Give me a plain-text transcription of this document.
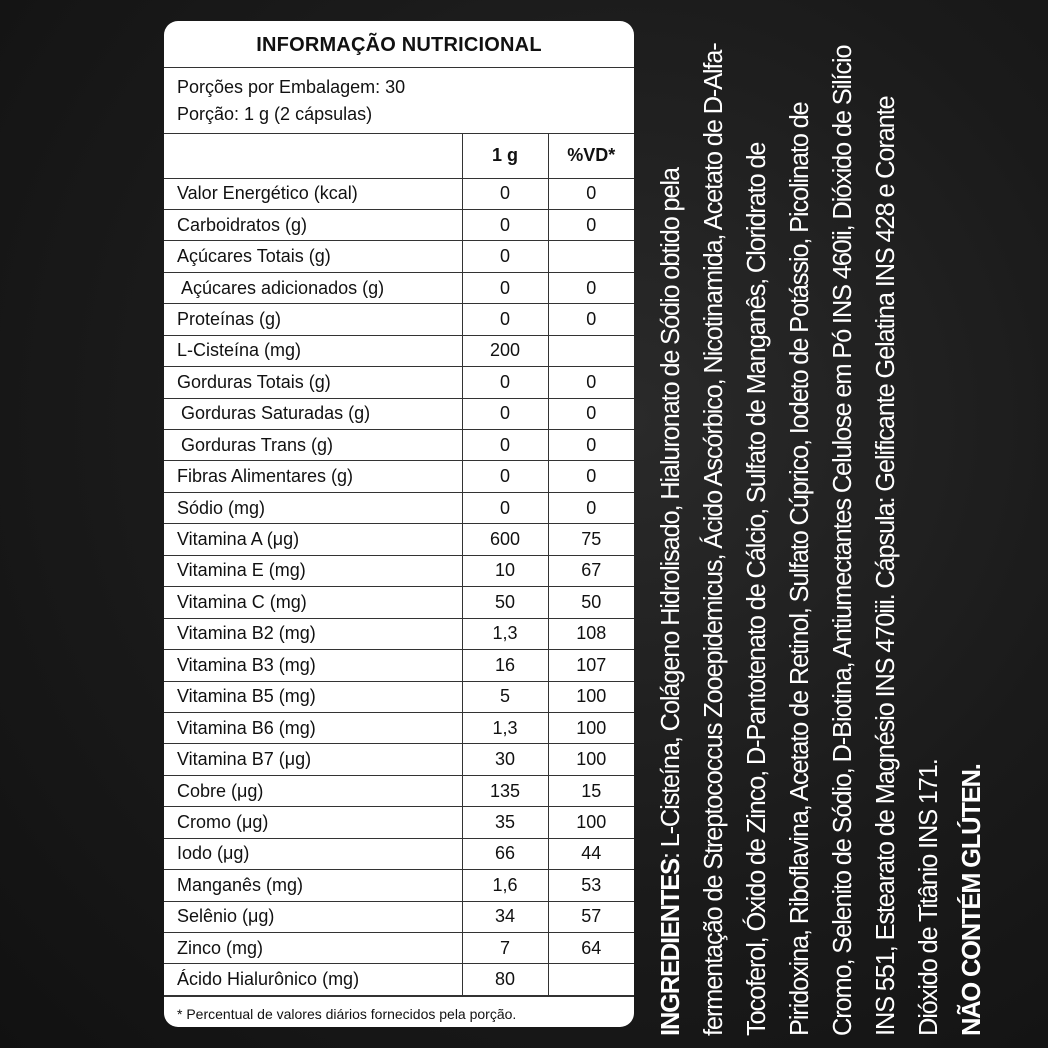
INFORMAÇÃO NUTRICIONAL
Porções por Embalagem: 30
Porção: 1 g (2 cápsulas)
	1 g	%VD*
Valor Energético (kcal)	0	0
Carboidratos (g)	0	0
Açúcares Totais (g)	0	
Açúcares adicionados (g)	0	0
Proteínas (g)	0	0
L-Cisteína (mg)	200	
Gorduras Totais (g)	0	0
Gorduras Saturadas (g)	0	0
Gorduras Trans (g)	0	0
Fibras Alimentares (g)	0	0
Sódio (mg)	0	0
Vitamina A (μg)	600	75
Vitamina E (mg)	10	67
Vitamina C (mg)	50	50
Vitamina B2 (mg)	1,3	108
Vitamina B3 (mg)	16	107
Vitamina B5 (mg)	5	100
Vitamina B6 (mg)	1,3	100
Vitamina B7 (μg)	30	100
Cobre (μg)	135	15
Cromo (μg)	35	100
Iodo (μg)	66	44
Manganês (mg)	1,6	53
Selênio (μg)	34	57
Zinco (mg)	7	64
Ácido Hialurônico (mg)	80	
* Percentual de valores diários fornecidos pela porção.	INGREDIENTES: L-Cisteína, Colágeno Hidrolisado, Hialuronato de Sódio obtido pela fermentação de Streptococcus Zooepidemicus, Ácido Ascórbico, Nicotinamida, Acetato de D-Alfa-Tocoferol, Óxido de Zinco, D-Pantotenato de Cálcio, Sulfato de Manganês, Cloridrato de Piridoxina, Riboflavina, Acetato de Retinol, Sulfato Cúprico, Iodeto de Potássio, Picolinato de Cromo, Selenito de Sódio, D-Biotina, Antiumectantes Celulose em Pó INS 460ii, Dióxido de Silício INS 551, Estearato de Magnésio INS 470iii. Cápsula: Gelificante Gelatina INS 428 e Corante Dióxido de Titânio INS 171. NÃO CONTÉM GLÚTEN.
